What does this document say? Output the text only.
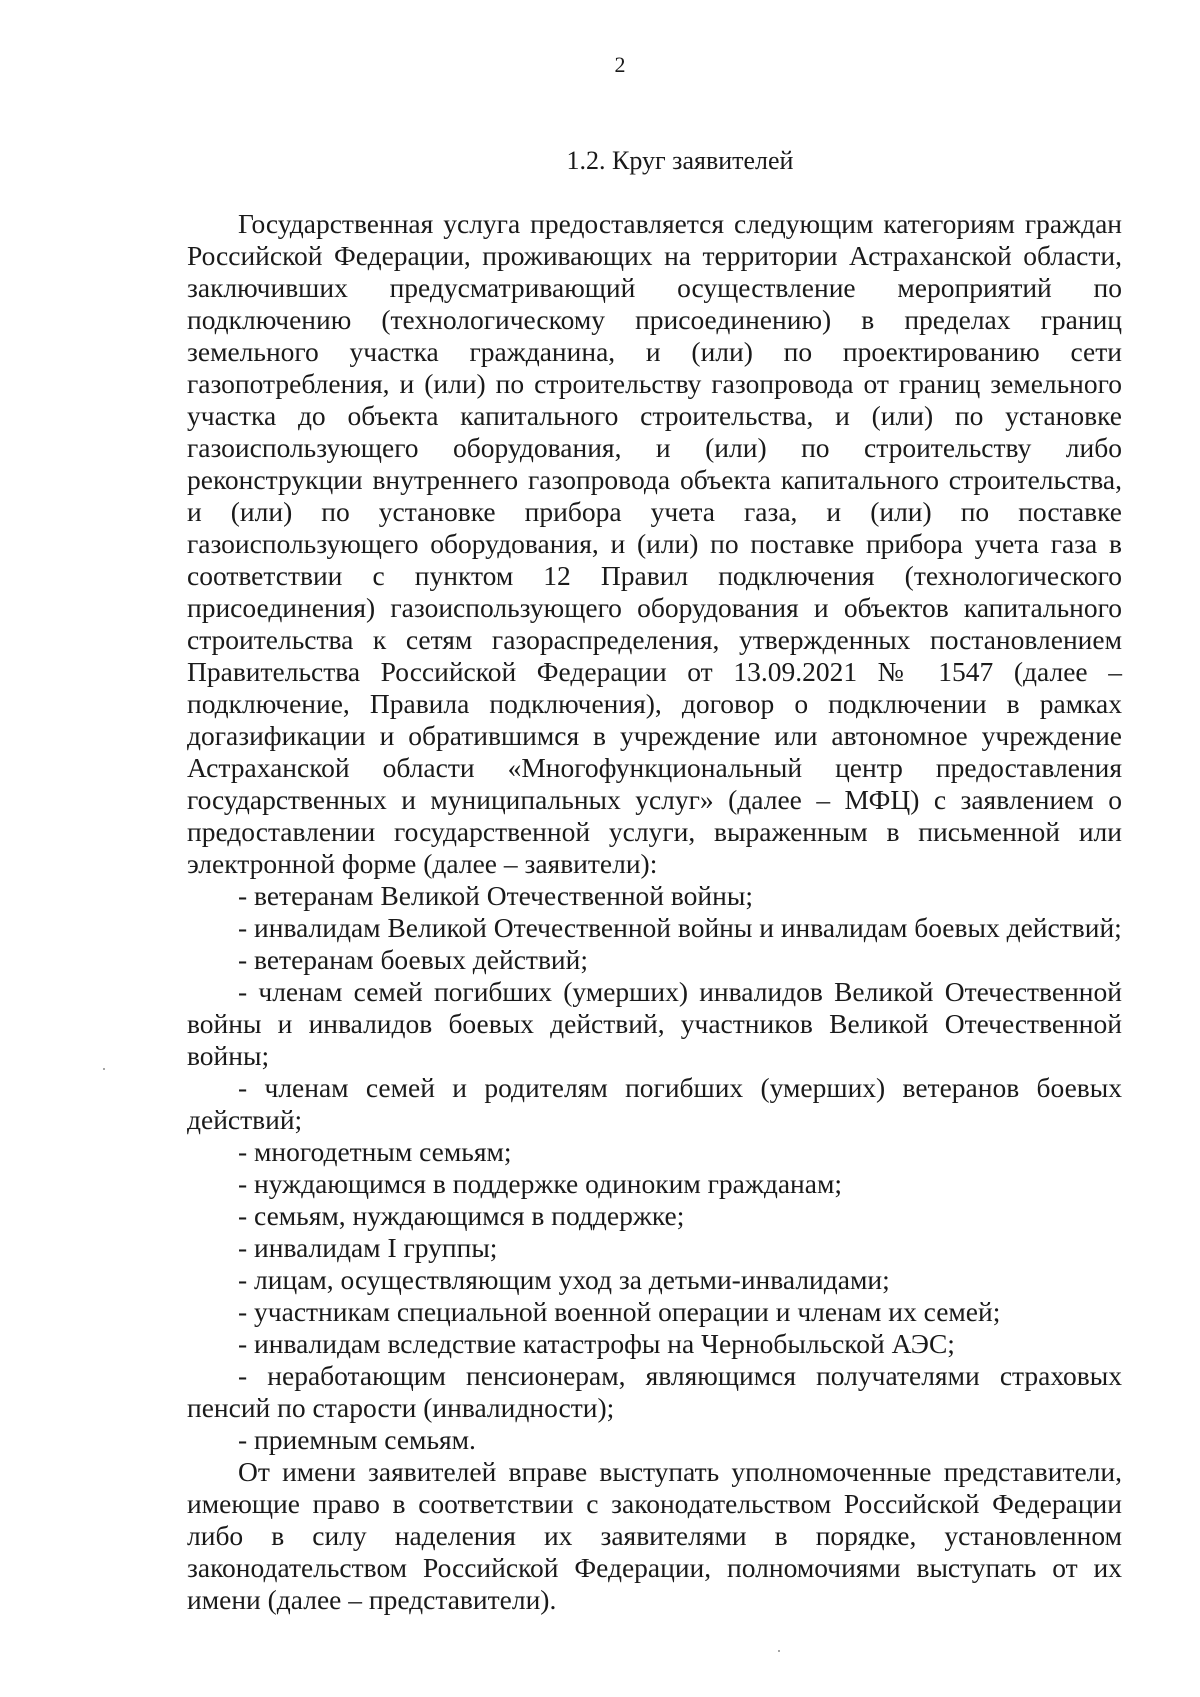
2
1.2. Круг заявителей

Государственная услуга предоставляется следующим категориям граждан Российской Федерации, проживающих на территории Астраханской области, заключивших предусматривающий осуществление мероприятий по подключению (технологическому присоединению) в пределах границ земельного участка гражданина, и (или) по проектированию сети газопотребления, и (или) по строительству газопровода от границ земельного участка до объекта капитального строительства, и (или) по установке газоиспользующего оборудования, и (или) по строительству либо реконструкции внутреннего газопровода объекта капитального строительства, и (или) по установке прибора учета газа, и (или) по поставке газоиспользующего оборудования, и (или) по поставке прибора учета газа в соответствии с пунктом 12 Правил подключения (технологического присоединения) газоиспользующего оборудования и объектов капитального строительства к сетям газораспределения, утвержденных постановлением Правительства Российской Федерации от 13.09.2021 № 1547 (далее – подключение, Правила подключения), договор о подключении в рамках догазификации и обратившимся в учреждение или автономное учреждение Астраханской области «Многофункциональный центр предоставления государственных и муниципальных услуг» (далее – МФЦ) с заявлением о предоставлении государственной услуги, выраженным в письменной или электронной форме (далее – заявители):

- ветеранам Великой Отечественной войны;

- инвалидам Великой Отечественной войны и инвалидам боевых действий;

- ветеранам боевых действий;

- членам семей погибших (умерших) инвалидов Великой Отечественной войны и инвалидов боевых действий, участников Великой Отечественной войны;

- членам семей и родителям погибших (умерших) ветеранов боевых действий;

- многодетным семьям;

- нуждающимся в поддержке одиноким гражданам;

- семьям, нуждающимся в поддержке;

- инвалидам I группы;

- лицам, осуществляющим уход за детьми-инвалидами;

- участникам специальной военной операции и членам их семей;

- инвалидам вследствие катастрофы на Чернобыльской АЭС;

- неработающим пенсионерам, являющимся получателями страховых пенсий по старости (инвалидности);

- приемным семьям.

От имени заявителей вправе выступать уполномоченные представители, имеющие право в соответствии с законодательством Российской Федерации либо в силу наделения их заявителями в порядке, установленном законодательством Российской Федерации, полномочиями выступать от их имени (далее – представители).
